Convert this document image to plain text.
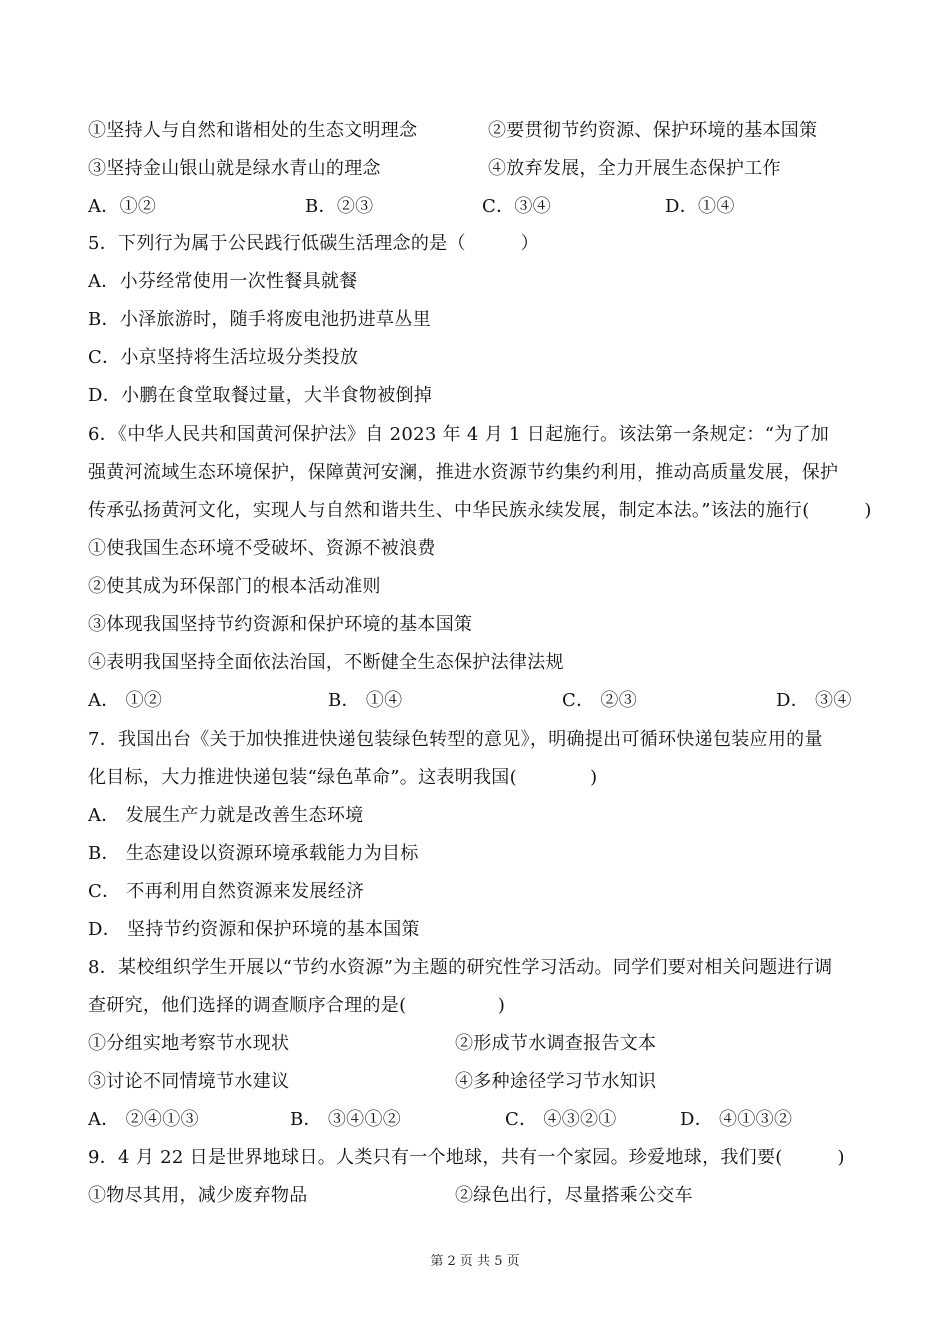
①坚持人与自然和谐相处的生态文明理念	②要贯彻节约资源、保护环境的基本国策
③坚持金山银山就是绿水青山的理念	④放弃发展，全力开展生态保护工作
A．①②	B．②③	C．③④	D．①④
5．下列行为属于公民践行低碳生活理念的是（　　　）
A．小芬经常使用一次性餐具就餐
B．小泽旅游时，随手将废电池扔进草丛里
C．小京坚持将生活垃圾分类投放
D．小鹏在食堂取餐过量，大半食物被倒掉
6．《中华人民共和国黄河保护法》自 2023 年 4 月 1 日起施行。该法第一条规定：“为了加
强黄河流域生态环境保护，保障黄河安澜，推进水资源节约集约利用，推动高质量发展，保护
传承弘扬黄河文化，实现人与自然和谐共生、中华民族永续发展，制定本法。”该法的施行(　　　)
①使我国生态环境不受破坏、资源不被浪费
②使其成为环保部门的根本活动准则
③体现我国坚持节约资源和保护环境的基本国策
④表明我国坚持全面依法治国，不断健全生态保护法律法规
A． ①②	B． ①④	C． ②③	D． ③④
7．我国出台《关于加快推进快递包装绿色转型的意见》，明确提出可循环快递包装应用的量
化目标，大力推进快递包装“绿色革命”。这表明我国(　　　　)
A． 发展生产力就是改善生态环境
B． 生态建设以资源环境承载能力为目标
C． 不再利用自然资源来发展经济
D． 坚持节约资源和保护环境的基本国策
8．某校组织学生开展以“节约水资源”为主题的研究性学习活动。同学们要对相关问题进行调
查研究，他们选择的调查顺序合理的是(　　　　　)
①分组实地考察节水现状	②形成节水调查报告文本
③讨论不同情境节水建议	④多种途径学习节水知识
A． ②④①③	B． ③④①②	C． ④③②①	D． ④①③②
9．4 月 22 日是世界地球日。人类只有一个地球，共有一个家园。珍爱地球，我们要(　　　)
①物尽其用，减少废弃物品	②绿色出行，尽量搭乘公交车
第 2 页 共 5 页
